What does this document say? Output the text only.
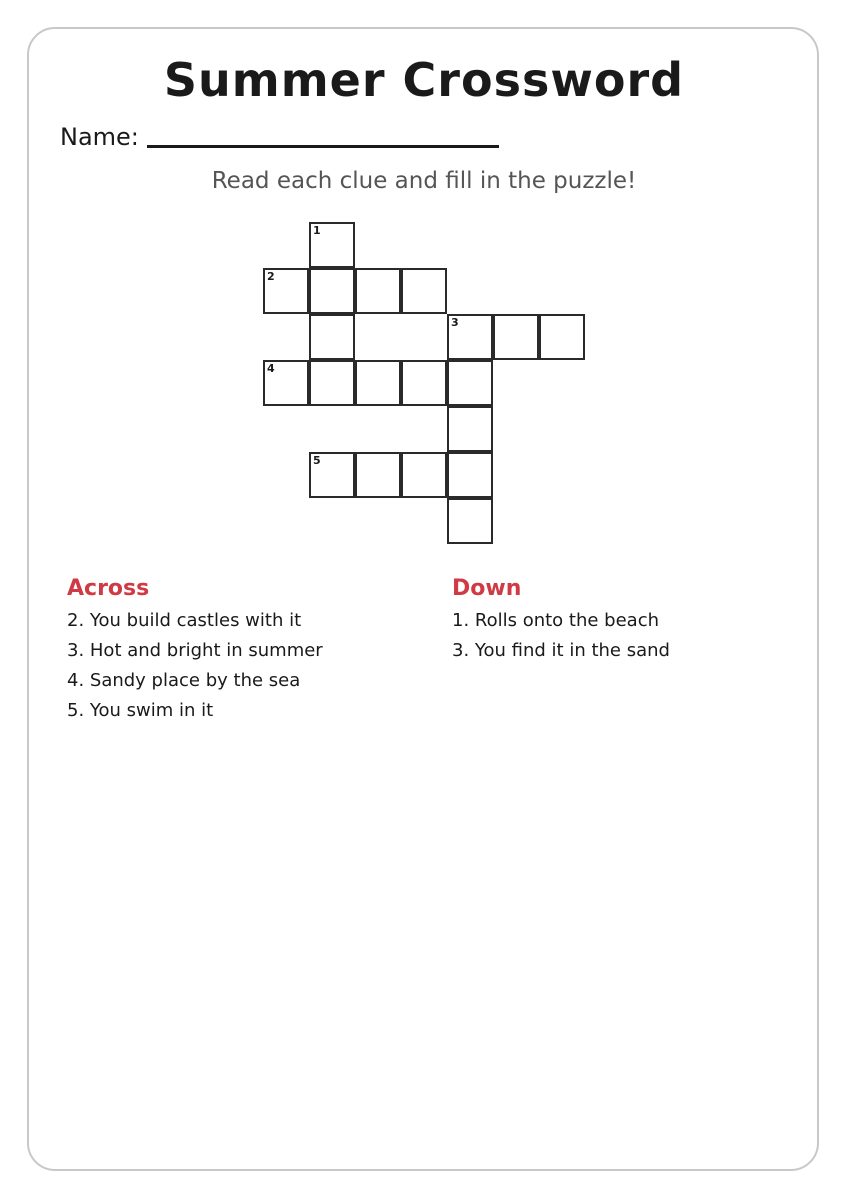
Summer Crossword
Name:
Read each clue and fill in the puzzle!
1
2
3
4
5
Across
2. You build castles with it
3. Hot and bright in summer
4. Sandy place by the sea
5. You swim in it
Down
1. Rolls onto the beach
3. You find it in the sand
